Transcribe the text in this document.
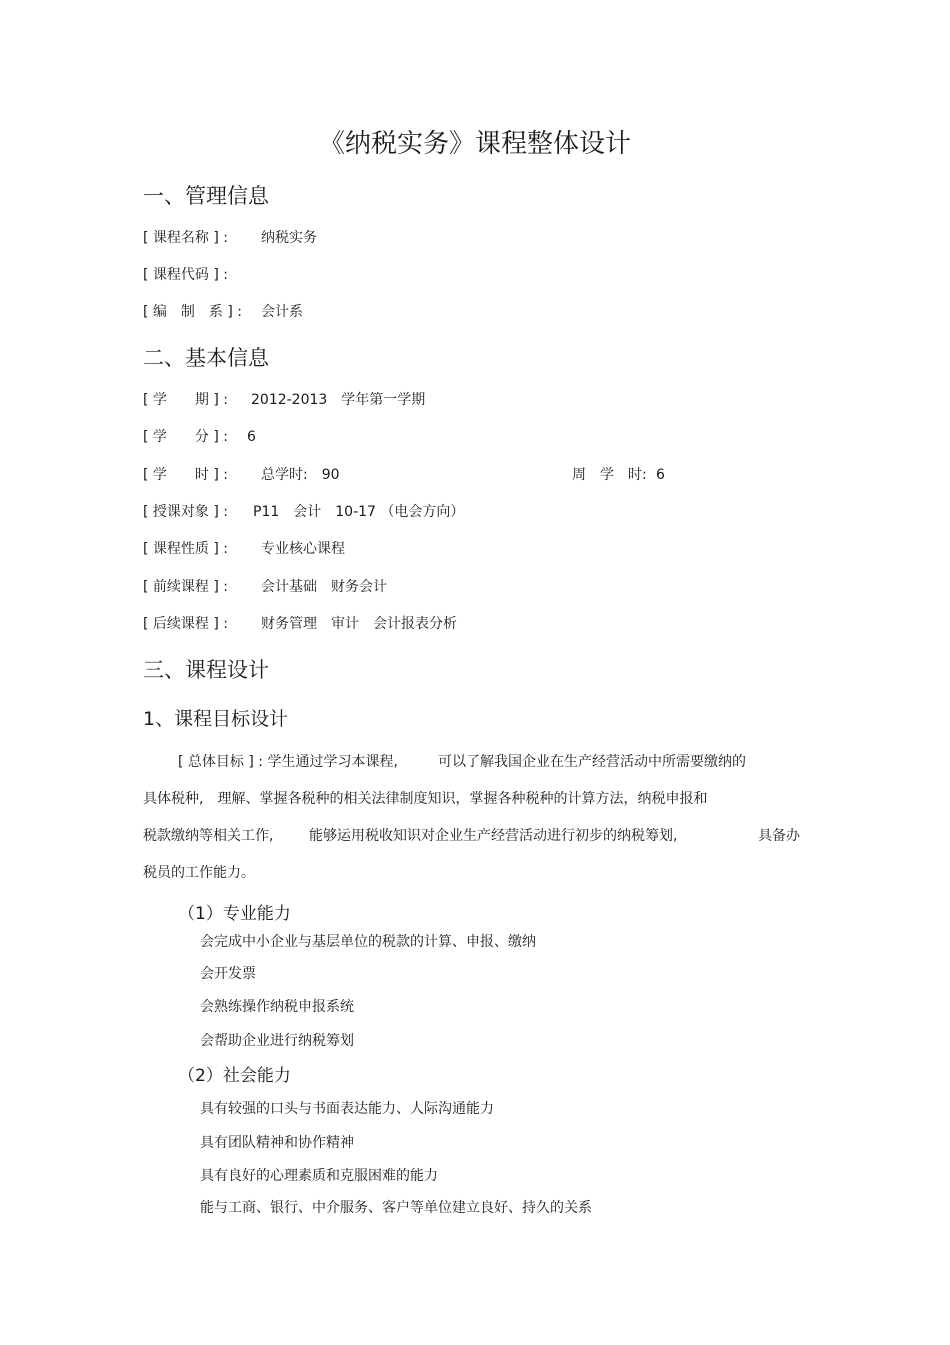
《纳税实务》课程整体设计
一、管理信息
[ 课程名称 ] : 纳税实务
[ 课程代码 ] :
[ 编　制　系 ] : 会计系
二、基本信息
[ 学　　期 ] : 2012-2013　学年第一学期
[ 学　　分 ] : 6
[ 学　　时 ] : 总学时:　90	周　学　时: 6
[ 授课对象 ] : P11　会计　10-17 （电会方向）
[ 课程性质 ] : 专业核心课程
[ 前续课程 ] : 会计基础　财务会计
[ 后续课程 ] : 财务管理　审计　会计报表分析
三、课程设计
1、课程目标设计
[ 总体目标 ] : 学生通过学习本课程,	可以了解我国企业在生产经营活动中所需要缴纳的
具体税种,　理解、掌握各税种的相关法律制度知识，掌握各种税种的计算方法，纳税申报和
税款缴纳等相关工作,	能够运用税收知识对企业生产经营活动进行初步的纳税筹划,	具备办
税员的工作能力。
（1）专业能力
会完成中小企业与基层单位的税款的计算、申报、缴纳
会开发票
会熟练操作纳税申报系统
会帮助企业进行纳税筹划
（2）社会能力
具有较强的口头与书面表达能力、人际沟通能力
具有团队精神和协作精神
具有良好的心理素质和克服困难的能力
能与工商、银行、中介服务、客户等单位建立良好、持久的关系
